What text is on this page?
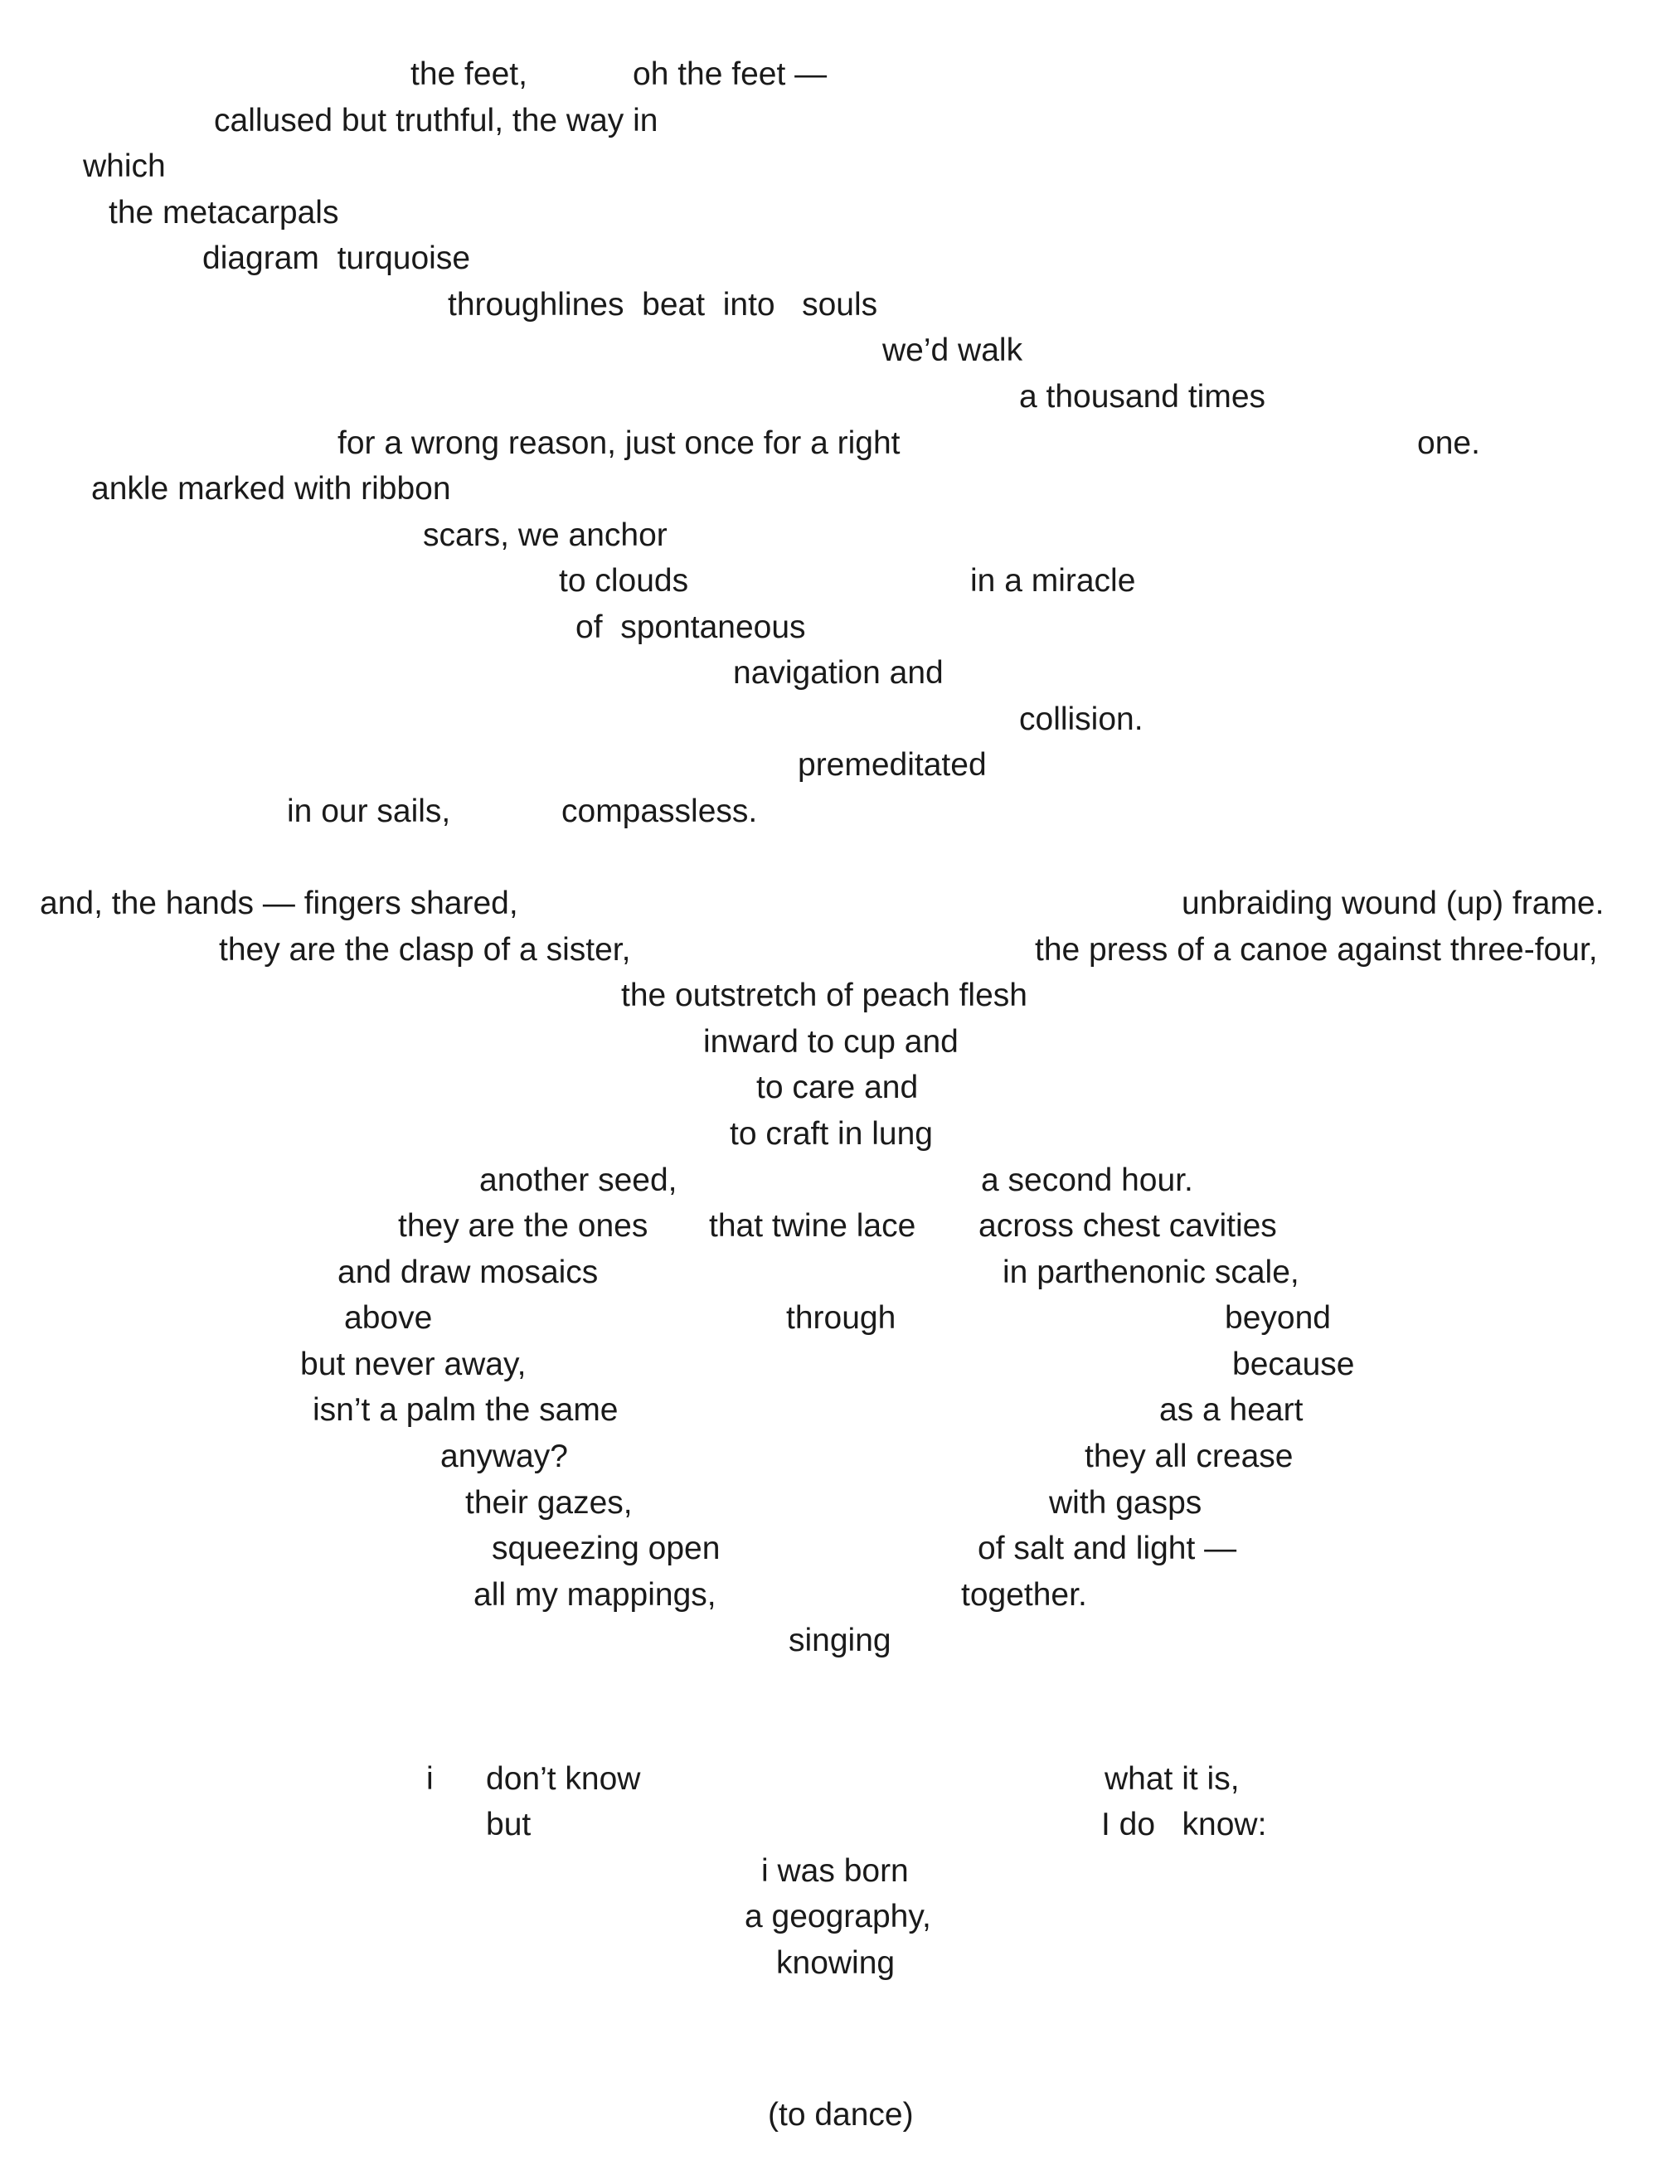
the feet,	oh the feet —

callused but truthful, the way in

which

the metacarpals

diagram  turquoise

throughlines  beat  into   souls

we’d walk

a thousand times

for a wrong reason, just once for a right	one.

ankle marked with ribbon

scars, we anchor

to clouds	in a miracle

of  spontaneous

navigation and

collision.

premeditated

in our sails,	compassless.

and, the hands — fingers shared,	unbraiding wound (up) frame.

they are the clasp of a sister,	the press of a canoe against three-four,

the outstretch of peach flesh

inward to cup and

to care and

to craft in lung

another seed,	a second hour.

they are the ones that twine lace across chest cavities

and draw mosaics	in parthenonic scale,

above	through	beyond

but never away,	because

isn’t a palm the same	as a heart

anyway?	they all crease

their gazes,	with gasps

squeezing open	of salt and light —

all my mappings,	together.

singing

i don’t know	what it is,

but	I do   know:

i was born

a geography,

knowing

(to dance)
